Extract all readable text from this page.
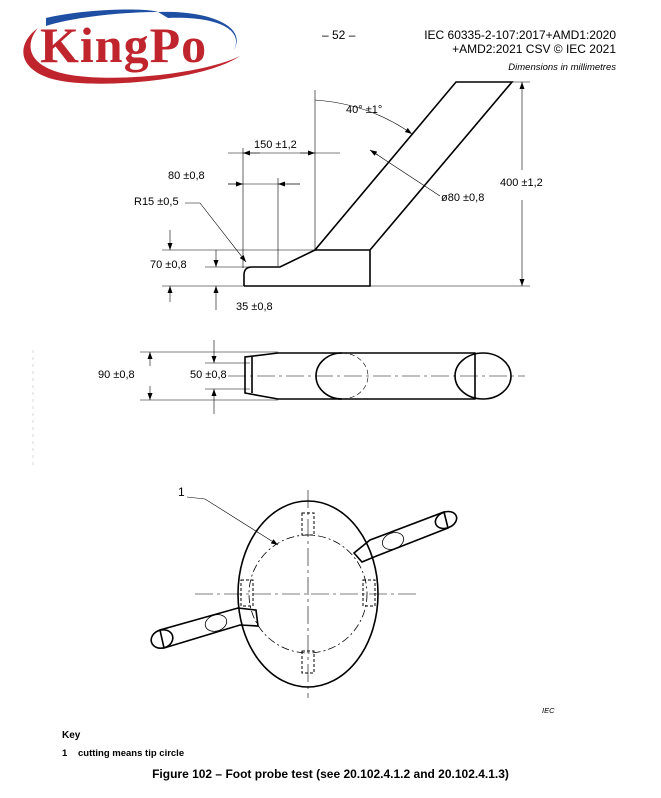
KingPo	– 52 –	IEC 60335-2-107:2017+AMD1:2020
+AMD2:2021 CSV © IEC 2021
Dimensions in millimetres
40° ±1°
150 ±1,2
80 ±0,8
R15 ±0,5
70 ±0,8
35 ±0,8
ø80 ±0,8
400 ±1,2
90 ±0,8	50 ±0,8
1
IEC
Key
1 cutting means tip circle
Figure 102 – Foot probe test (see 20.102.4.1.2 and 20.102.4.1.3)
